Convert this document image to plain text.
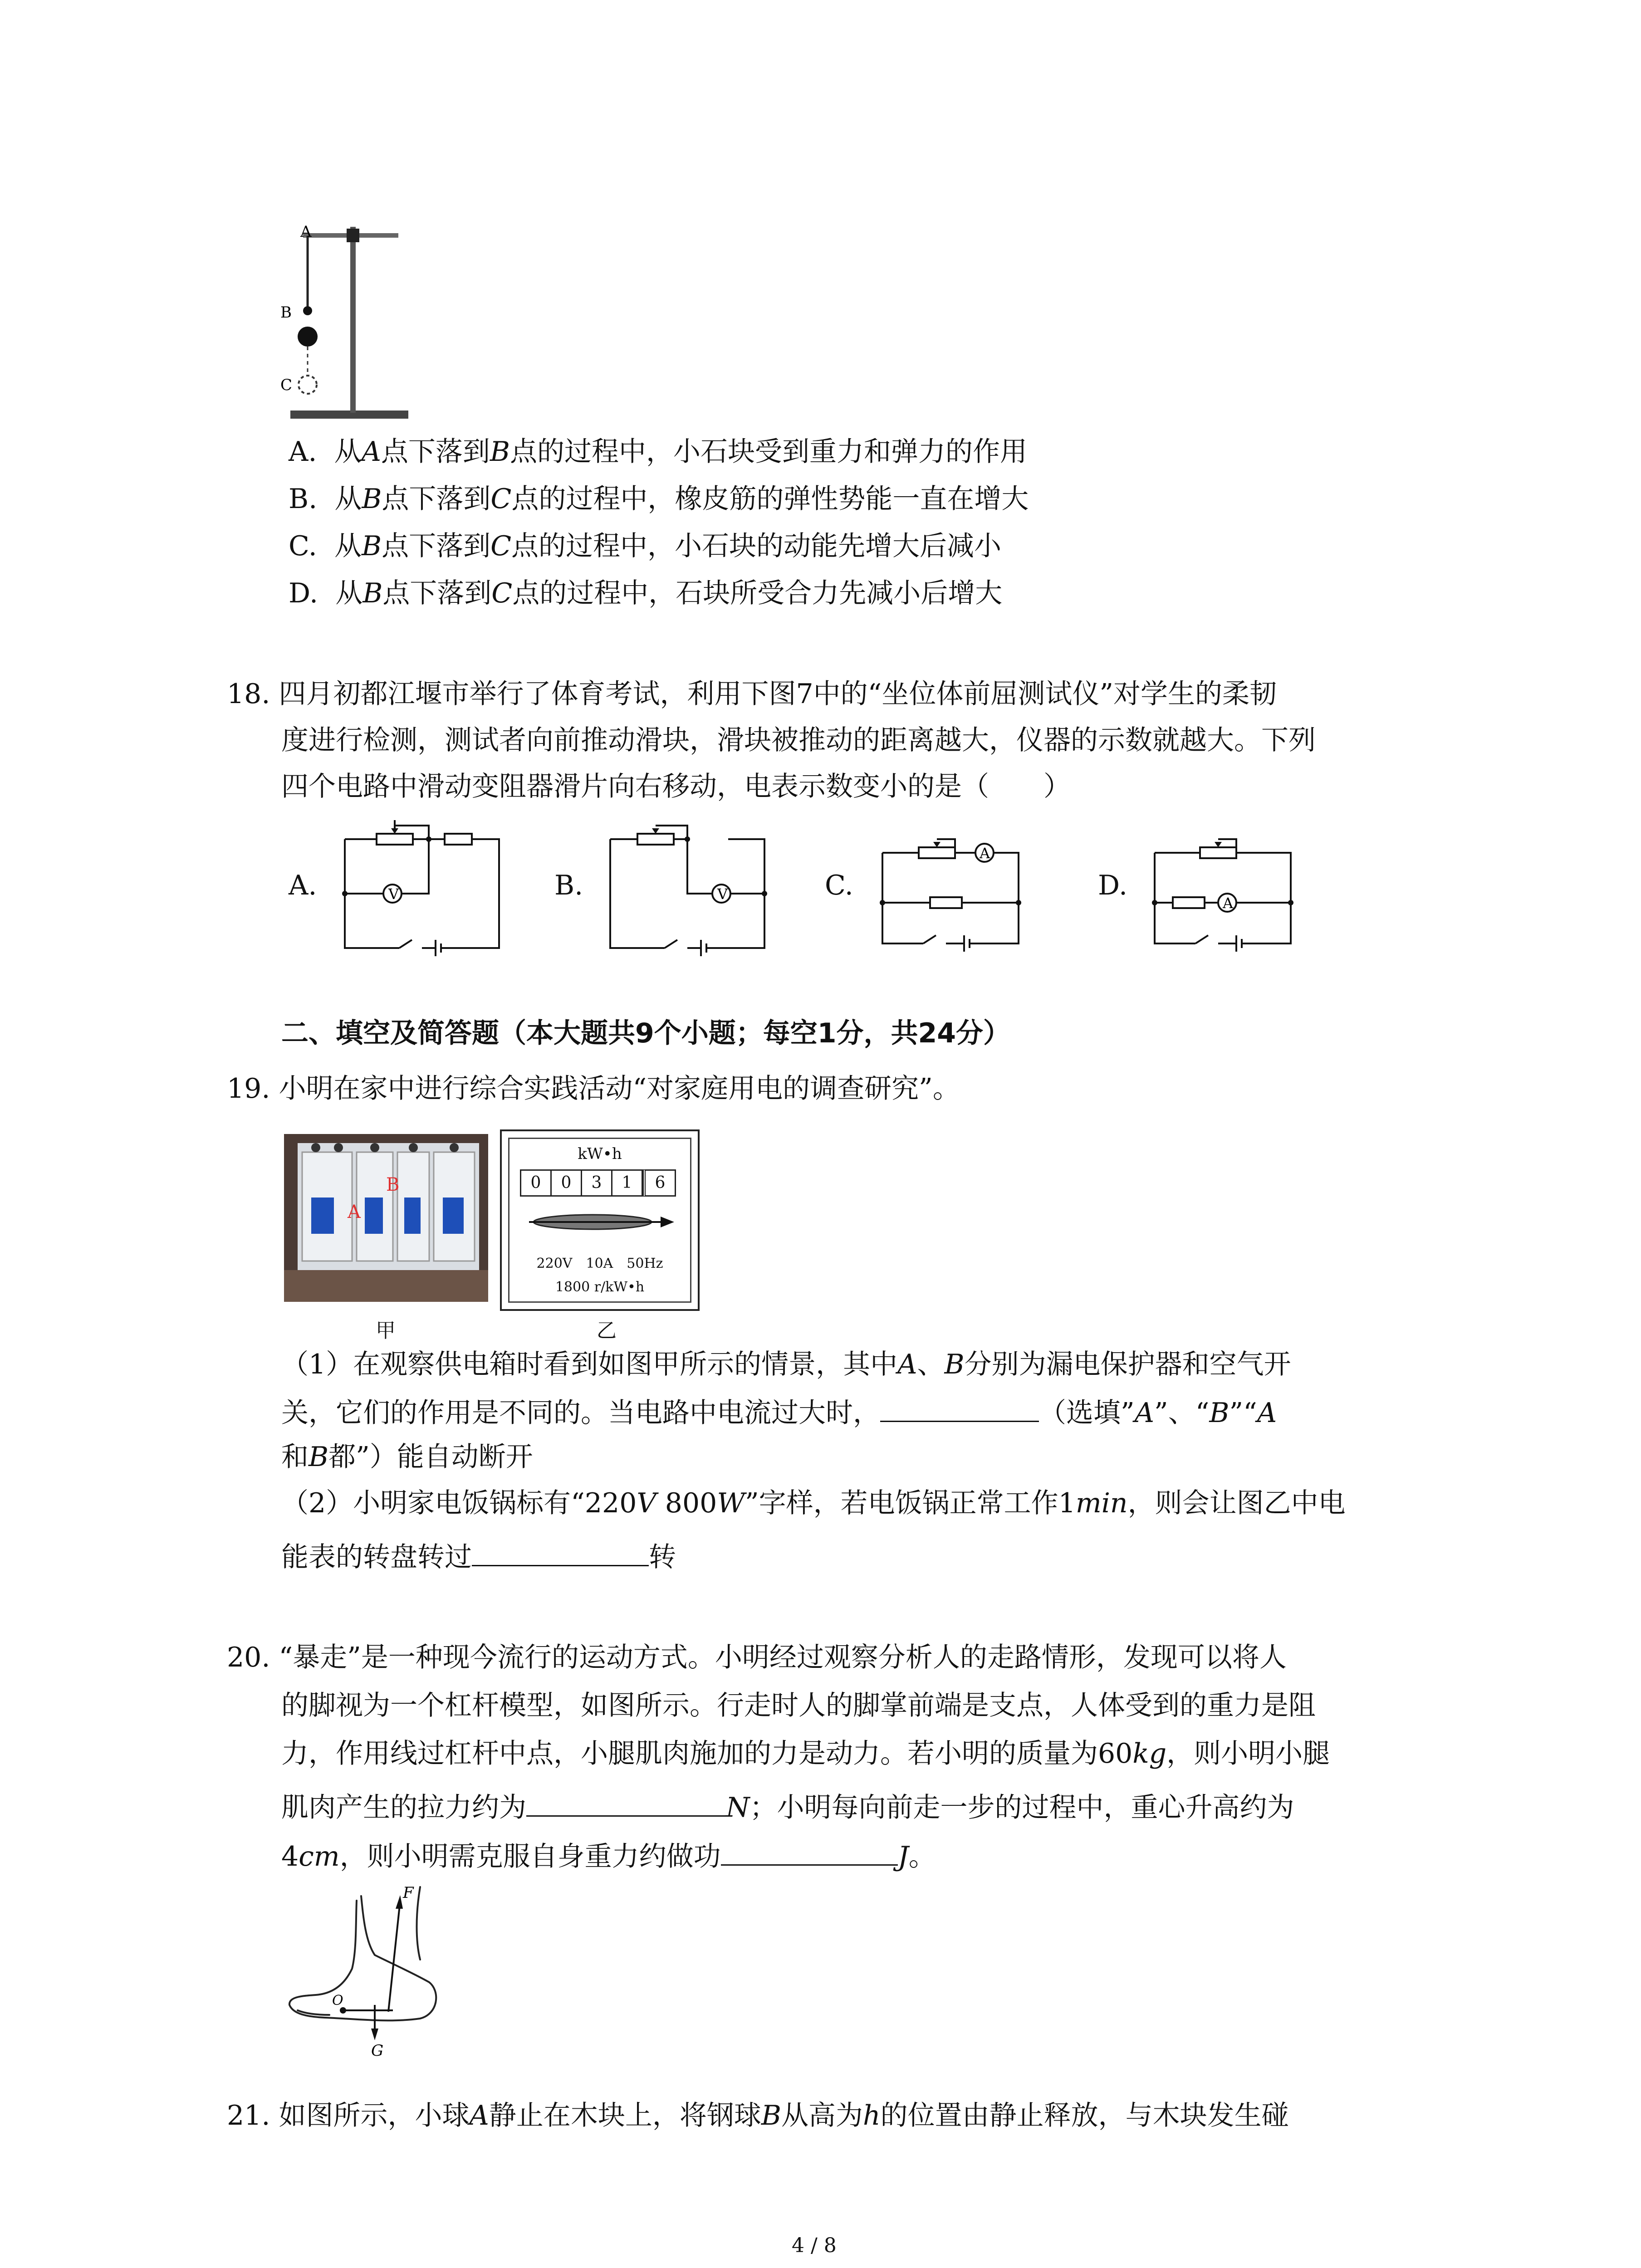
A
B
C
A. 从A点下落到B点的过程中，小石块受到重力和弹力的作用
B. 从B点下落到C点的过程中，橡皮筋的弹性势能一直在增大
C. 从B点下落到C点的过程中，小石块的动能先增大后减小
D. 从B点下落到C点的过程中，石块所受合力先减小后增大
18. 四月初都江堰市举行了体育考试，利用下图7中的“坐位体前屈测试仪”对学生的柔韧
度进行检测，测试者向前推动滑块，滑块被推动的距离越大，仪器的示数就越大。下列
四个电路中滑动变阻器滑片向右移动，电表示数变小的是（　　）
A.	V	B.	V	C.
A
D.
A
二、填空及简答题（本大题共9个小题；每空1分，共24分）
19. 小明在家中进行综合实践活动“对家庭用电的调查研究”。
A
B
甲
kW•h
0	0	3	1	6
220V　10A　50Hz
1800 r/kW•h
乙
（1）在观察供电箱时看到如图甲所示的情景，其中A、B分别为漏电保护器和空气开
关，它们的作用是不同的。当电路中电流过大时，	（选填”A”、“B”“A
和B都”）能自动断开
（2）小明家电饭锅标有“220V 800W”字样，若电饭锅正常工作1min，则会让图乙中电
能表的转盘转过	转
20. “暴走”是一种现今流行的运动方式。小明经过观察分析人的走路情形，发现可以将人
的脚视为一个杠杆模型，如图所示。行走时人的脚掌前端是支点，人体受到的重力是阻
力，作用线过杠杆中点，小腿肌肉施加的力是动力。若小明的质量为60kg，则小明小腿
肌肉产生的拉力约为	N；小明每向前走一步的过程中，重心升高约为
4cm，则小明需克服自身重力约做功	J。
F
O
G
21. 如图所示，小球A静止在木块上，将钢球B从高为h的位置由静止释放，与木块发生碰
4 / 8
